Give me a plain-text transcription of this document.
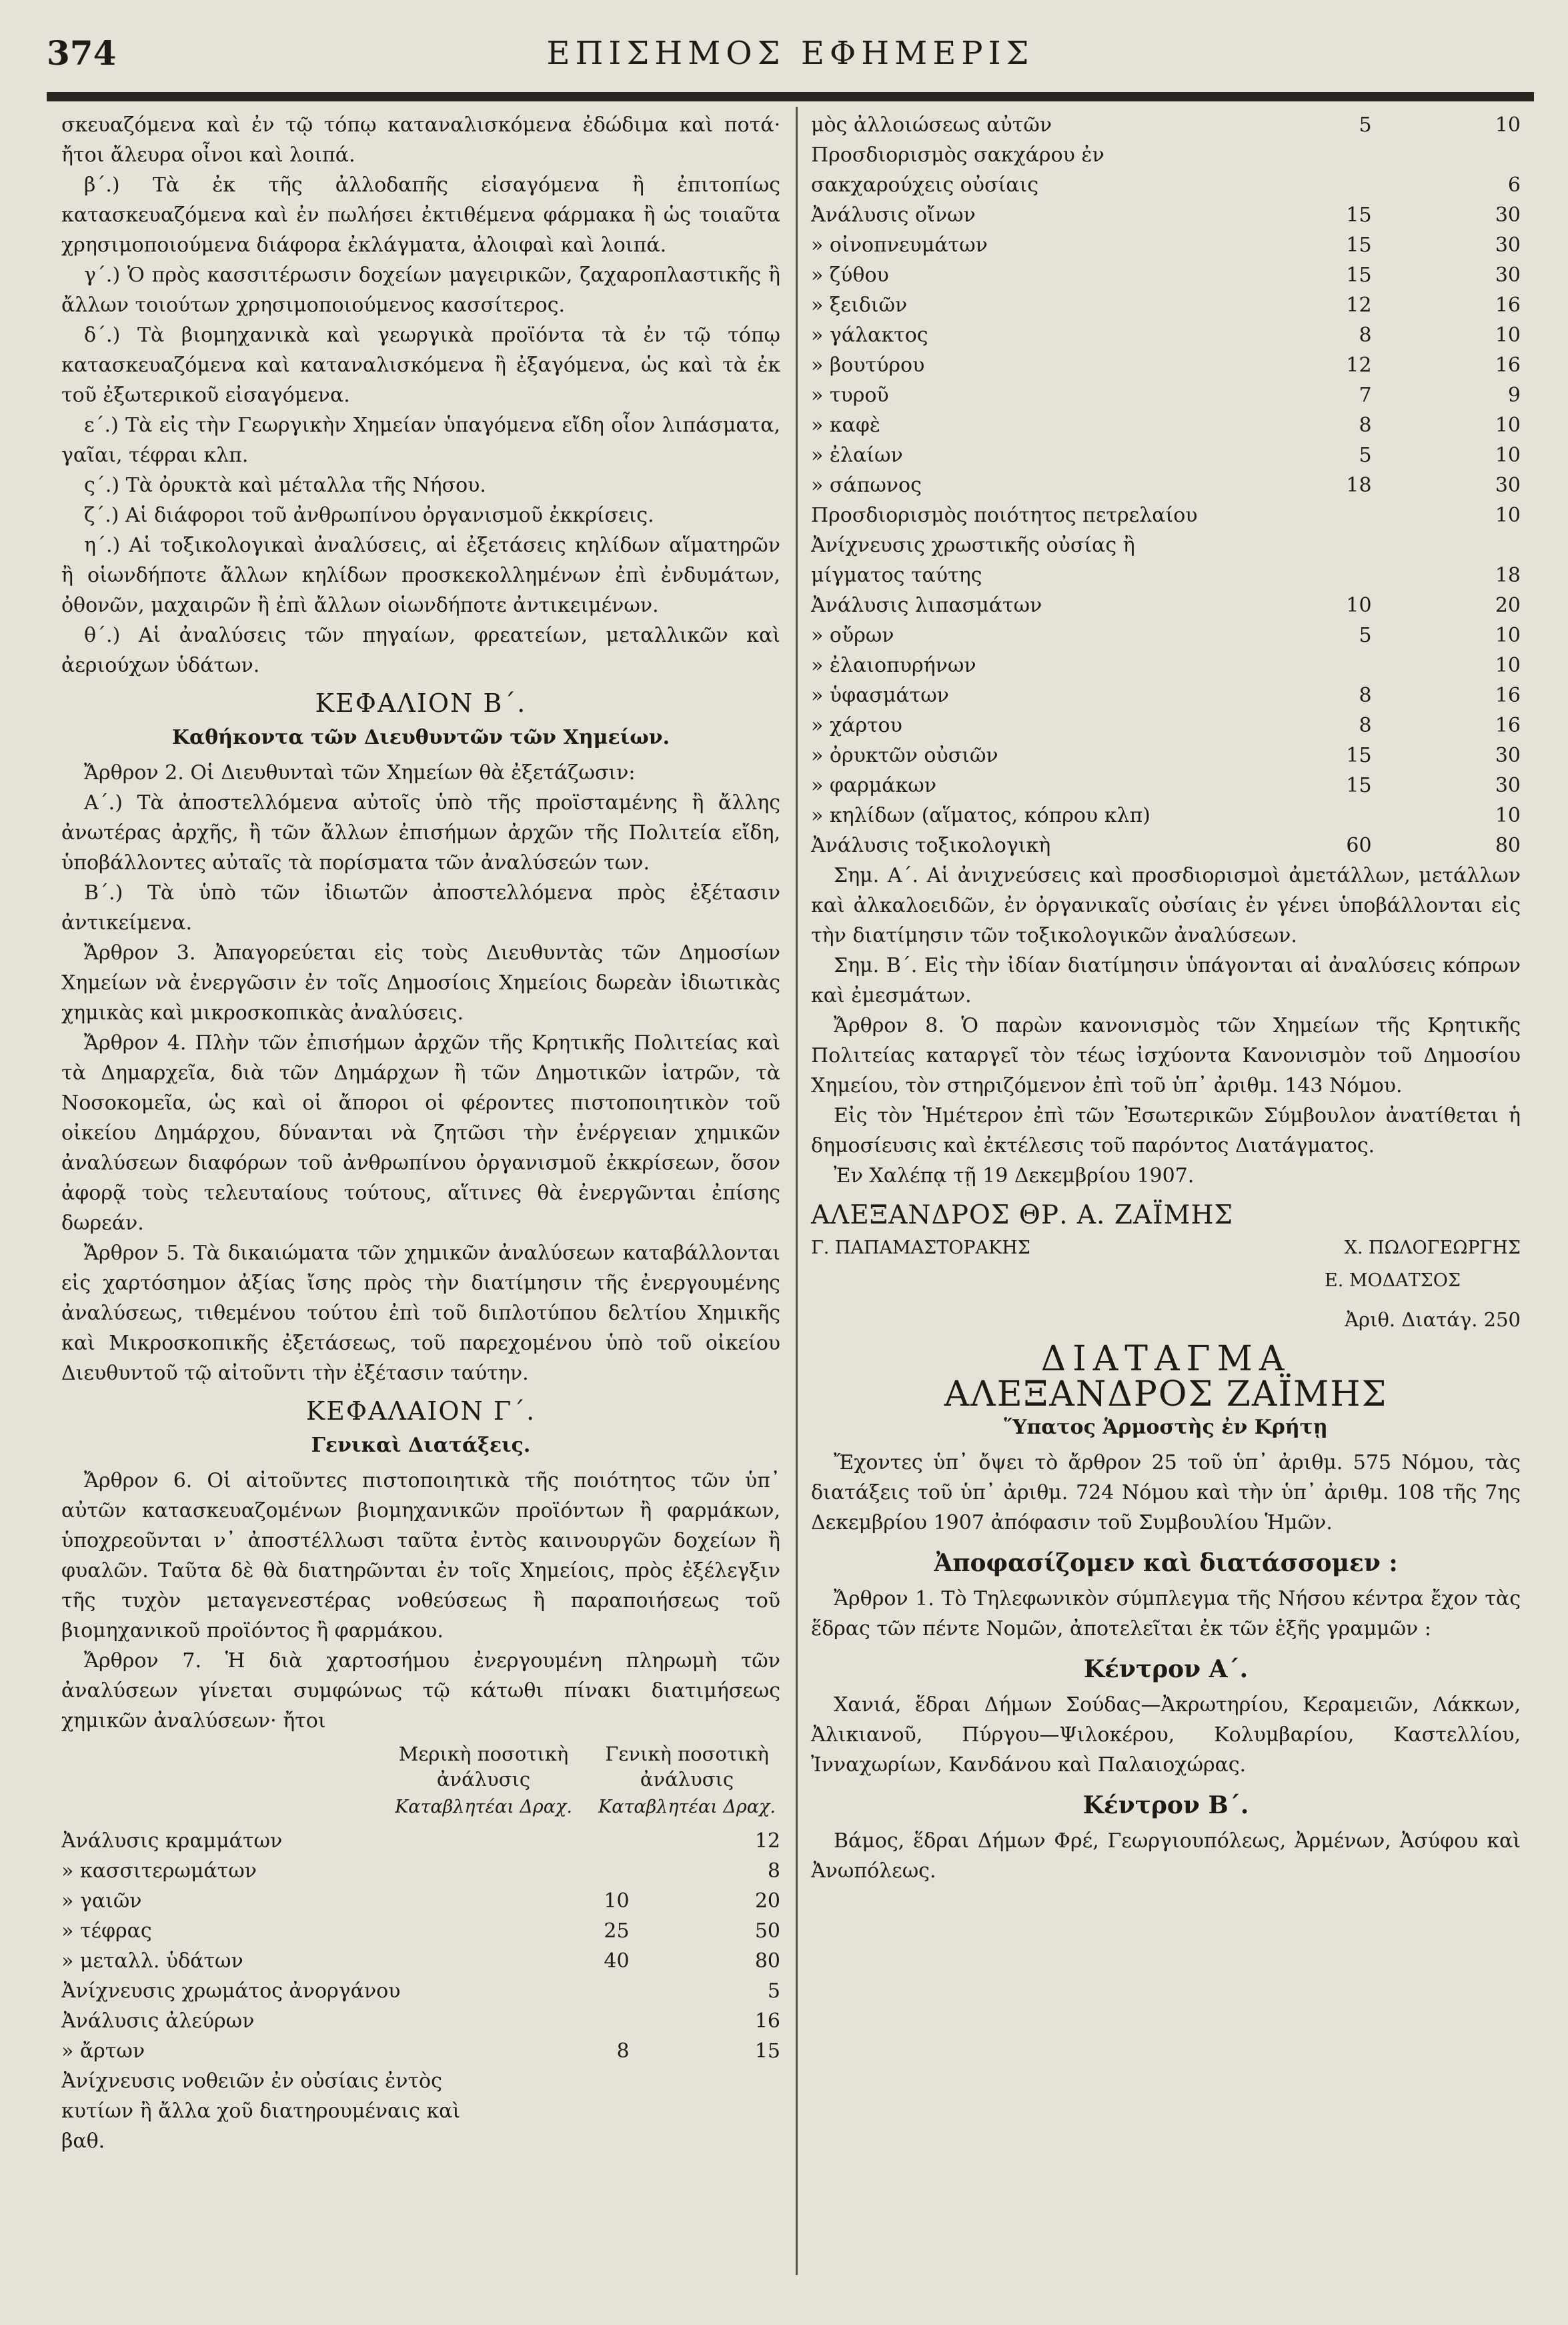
374	ΕΠΙΣΗΜΟΣ ΕΦΗΜΕΡΙΣ

σκευαζόμενα καὶ ἐν τῷ τόπῳ καταναλισκόμενα ἐδώδιμα καὶ ποτά· ἤτοι ἄλευρα οἶνοι καὶ λοιπά.

β΄.) Τὰ ἐκ τῆς ἀλλοδαπῆς εἰσαγόμενα ἢ ἐπιτοπίως κατασκευαζόμενα καὶ ἐν πωλήσει ἐκτιθέμενα φάρμακα ἢ ὡς τοιαῦτα χρησιμοποιούμενα διάφορα ἐκλάγματα, ἀλοιφαὶ καὶ λοιπά.

γ΄.) Ὁ πρὸς κασσιτέρωσιν δοχείων μαγειρικῶν, ζαχαροπλαστικῆς ἢ ἄλλων τοιούτων χρησιμοποιούμενος κασσίτερος.

δ΄.) Τὰ βιομηχανικὰ καὶ γεωργικὰ προϊόντα τὰ ἐν τῷ τόπῳ κατασκευαζόμενα καὶ καταναλισκόμενα ἢ ἐξαγόμενα, ὡς καὶ τὰ ἐκ τοῦ ἐξωτερικοῦ εἰσαγόμενα.

ε΄.) Τὰ εἰς τὴν Γεωργικὴν Χημείαν ὑπαγόμενα εἴδη οἷον λιπάσματα, γαῖαι, τέφραι κλπ.

ς΄.) Τὰ ὀρυκτὰ καὶ μέταλλα τῆς Νήσου.

ζ΄.) Αἱ διάφοροι τοῦ ἀνθρωπίνου ὀργανισμοῦ ἐκκρίσεις.

η΄.) Αἱ τοξικολογικαὶ ἀναλύσεις, αἱ ἐξετάσεις κηλίδων αἵματηρῶν ἢ οἱωνδήποτε ἄλλων κηλίδων προσκεκολλημένων ἐπὶ ἐνδυμάτων, ὀθονῶν, μαχαιρῶν ἢ ἐπὶ ἄλλων οἱωνδήποτε ἀντικειμένων.

θ΄.) Αἱ ἀναλύσεις τῶν πηγαίων, φρεατείων, μεταλλικῶν καὶ ἀεριούχων ὑδάτων.

ΚΕΦΑΛΙΟΝ Β΄.
Καθήκοντα τῶν Διευθυντῶν τῶν Χημείων.

Ἄρθρον 2. Οἱ Διευθυνταὶ τῶν Χημείων θὰ ἐξετάζωσιν:

Α΄.) Τὰ ἀποστελλόμενα αὐτοῖς ὑπὸ τῆς προϊσταμένης ἢ ἄλλης ἀνωτέρας ἀρχῆς, ἢ τῶν ἄλλων ἐπισήμων ἀρχῶν τῆς Πολιτεία εἴδη, ὑποβάλλοντες αὐταῖς τὰ πορίσματα τῶν ἀναλύσεών των.

Β΄.) Τὰ ὑπὸ τῶν ἰδιωτῶν ἀποστελλόμενα πρὸς ἐξέτασιν ἀντικείμενα.

Ἄρθρον 3. Ἀπαγορεύεται εἰς τοὺς Διευθυντὰς τῶν Δημοσίων Χημείων νὰ ἐνεργῶσιν ἐν τοῖς Δημοσίοις Χημείοις δωρεὰν ἰδιωτικὰς χημικὰς καὶ μικροσκοπικὰς ἀναλύσεις.

Ἄρθρον 4. Πλὴν τῶν ἐπισήμων ἀρχῶν τῆς Κρητικῆς Πολιτείας καὶ τὰ Δημαρχεῖα, διὰ τῶν Δημάρχων ἢ τῶν Δημοτικῶν ἰατρῶν, τὰ Νοσοκομεῖα, ὡς καὶ οἱ ἄποροι οἱ φέροντες πιστοποιητικὸν τοῦ οἰκείου Δημάρχου, δύνανται νὰ ζητῶσι τὴν ἐνέργειαν χημικῶν ἀναλύσεων διαφόρων τοῦ ἀνθρωπίνου ὀργανισμοῦ ἐκκρίσεων, ὅσον ἀφορᾷ τοὺς τελευταίους τούτους, αἵτινες θὰ ἐνεργῶνται ἐπίσης δωρεάν.

Ἄρθρον 5. Τὰ δικαιώματα τῶν χημικῶν ἀναλύσεων καταβάλλονται εἰς χαρτόσημον ἀξίας ἴσης πρὸς τὴν διατίμησιν τῆς ἐνεργουμένης ἀναλύσεως, τιθεμένου τούτου ἐπὶ τοῦ διπλοτύπου δελτίου Χημικῆς καὶ Μικροσκοπικῆς ἐξετάσεως, τοῦ παρεχομένου ὑπὸ τοῦ οἰκείου Διευθυντοῦ τῷ αἰτοῦντι τὴν ἐξέτασιν ταύτην.

ΚΕΦΑΛΑΙΟΝ Γ΄.
Γενικαὶ Διατάξεις.

Ἄρθρον 6. Οἱ αἰτοῦντες πιστοποιητικὰ τῆς ποιότητος τῶν ὑπ᾿ αὐτῶν κατασκευαζομένων βιομηχανικῶν προϊόντων ἢ φαρμάκων, ὑποχρεοῦνται ν᾿ ἀποστέλλωσι ταῦτα ἐντὸς καινουργῶν δοχείων ἢ φυαλῶν. Ταῦτα δὲ θὰ διατηρῶνται ἐν τοῖς Χημείοις, πρὸς ἐξέλεγξιν τῆς τυχὸν μεταγενεστέρας νοθεύσεως ἢ παραποιήσεως τοῦ βιομηχανικοῦ προϊόντος ἢ φαρμάκου.

Ἄρθρον 7. Ἡ διὰ χαρτοσήμου ἐνεργουμένη πληρωμὴ τῶν ἀναλύσεων γίνεται συμφώνως τῷ κάτωθι πίνακι διατιμήσεως χημικῶν ἀναλύσεων· ἤτοι

Μερικὴ ποσοτικὴ ἀνάλυσις
Γενικὴ ποσοτικὴ ἀνάλυσις
Καταβλητέαι Δραχ.	Καταβλητέαι Δραχ.
Ἀνάλυσις κραμμάτων		12
» κασσιτερωμάτων		8
» γαιῶν	10	20
» τέφρας	25	50
» μεταλλ. ὑδάτων	40	80
Ἀνίχνευσις χρωμάτος ἀνοργάνου		5
Ἀνάλυσις ἀλεύρων		16
» ἄρτων	8	15
Ἀνίχνευσις νοθειῶν ἐν οὐσίαις ἐντὸς κυτίων ἢ ἄλλα χοῦ διατηρουμέναις καὶ βαθ.		
μὸς ἀλλοιώσεως αὐτῶν	5	10
Προσδιορισμὸς σακχάρου ἐν σακχαρούχεις οὐσίαις		6
Ἀνάλυσις οἴνων	15	30
» οἰνοπνευμάτων	15	30
» ζύθου	15	30
» ξειδιῶν	12	16
» γάλακτος	8	10
» βουτύρου	12	16
» τυροῦ	7	9
» καφὲ	8	10
» ἐλαίων	5	10
» σάπωνος	18	30
Προσδιορισμὸς ποιότητος πετρελαίου		10
Ἀνίχνευσις χρωστικῆς οὐσίας ἢ μίγματος ταύτης		18
Ἀνάλυσις λιπασμάτων	10	20
» οὔρων	5	10
» ἐλαιοπυρήνων		10
» ὑφασμάτων	8	16
» χάρτου	8	16
» ὀρυκτῶν οὐσιῶν	15	30
» φαρμάκων	15	30
» κηλίδων (αἵματος, κόπρου κλπ)		10
Ἀνάλυσις τοξικολογικὴ	60	80

Σημ. Α΄. Αἱ ἀνιχνεύσεις καὶ προσδιορισμοὶ ἀμετάλλων, μετάλλων καὶ ἀλκαλοειδῶν, ἐν ὀργανικαῖς οὐσίαις ἐν γένει ὑποβάλλονται εἰς τὴν διατίμησιν τῶν τοξικολογικῶν ἀναλύσεων.

Σημ. Β΄. Εἰς τὴν ἰδίαν διατίμησιν ὑπάγονται αἱ ἀναλύσεις κόπρων καὶ ἐμεσμάτων.

Ἄρθρον 8. Ὁ παρὼν κανονισμὸς τῶν Χημείων τῆς Κρητικῆς Πολιτείας καταργεῖ τὸν τέως ἰσχύοντα Κανονισμὸν τοῦ Δημοσίου Χημείου, τὸν στηριζόμενον ἐπὶ τοῦ ὑπ᾿ ἀριθμ. 143 Νόμου.

Εἰς τὸν Ἡμέτερον ἐπὶ τῶν Ἐσωτερικῶν Σύμβουλον ἀνατίθεται ἡ δημοσίευσις καὶ ἐκτέλεσις τοῦ παρόντος Διατάγματος.

Ἐν Χαλέπᾳ τῇ 19 Δεκεμβρίου 1907.

ΑΛΕΞΑΝΔΡΟΣ ΘΡ. Α. ΖΑΪΜΗΣ
Γ. ΠΑΠΑΜΑΣΤΟΡΑΚΗΣ	Χ. ΠΩΛΟΓΕΩΡΓΗΣ
Ε. ΜΟΔΑΤΣΟΣ
Ἀριθ. Διατάγ. 250
ΔΙΑΤΑΓΜΑ
ΑΛΕΞΑΝΔΡΟΣ ΖΑΪΜΗΣ
Ὕπατος Ἁρμοστὴς ἐν Κρήτῃ

Ἔχοντες ὑπ᾿ ὄψει τὸ ἄρθρον 25 τοῦ ὑπ᾿ ἀριθμ. 575 Νόμου, τὰς διατάξεις τοῦ ὑπ᾿ ἀριθμ. 724 Νόμου καὶ τὴν ὑπ᾿ ἀριθμ. 108 τῆς 7ης Δεκεμβρίου 1907 ἀπόφασιν τοῦ Συμβουλίου Ἡμῶν.

Ἀποφασίζομεν καὶ διατάσσομεν :

Ἄρθρον 1. Τὸ Τηλεφωνικὸν σύμπλεγμα τῆς Νήσου κέντρα ἔχον τὰς ἕδρας τῶν πέντε Νομῶν, ἀποτελεῖται ἐκ τῶν ἑξῆς γραμμῶν :

Κέντρον Α΄.

Χανιά, ἕδραι Δήμων Σούδας—Ἀκρωτηρίου, Κεραμειῶν, Λάκκων, Ἀλικιανοῦ, Πύργου—Ψιλοκέρου, Κολυμβαρίου, Καστελλίου, Ἰνναχωρίων, Κανδάνου καὶ Παλαιοχώρας.

Κέντρον Β΄.

Βάμος, ἕδραι Δήμων Φρέ, Γεωργιουπόλεως, Ἀρμένων, Ἀσύφου καὶ Ἀνωπόλεως.
